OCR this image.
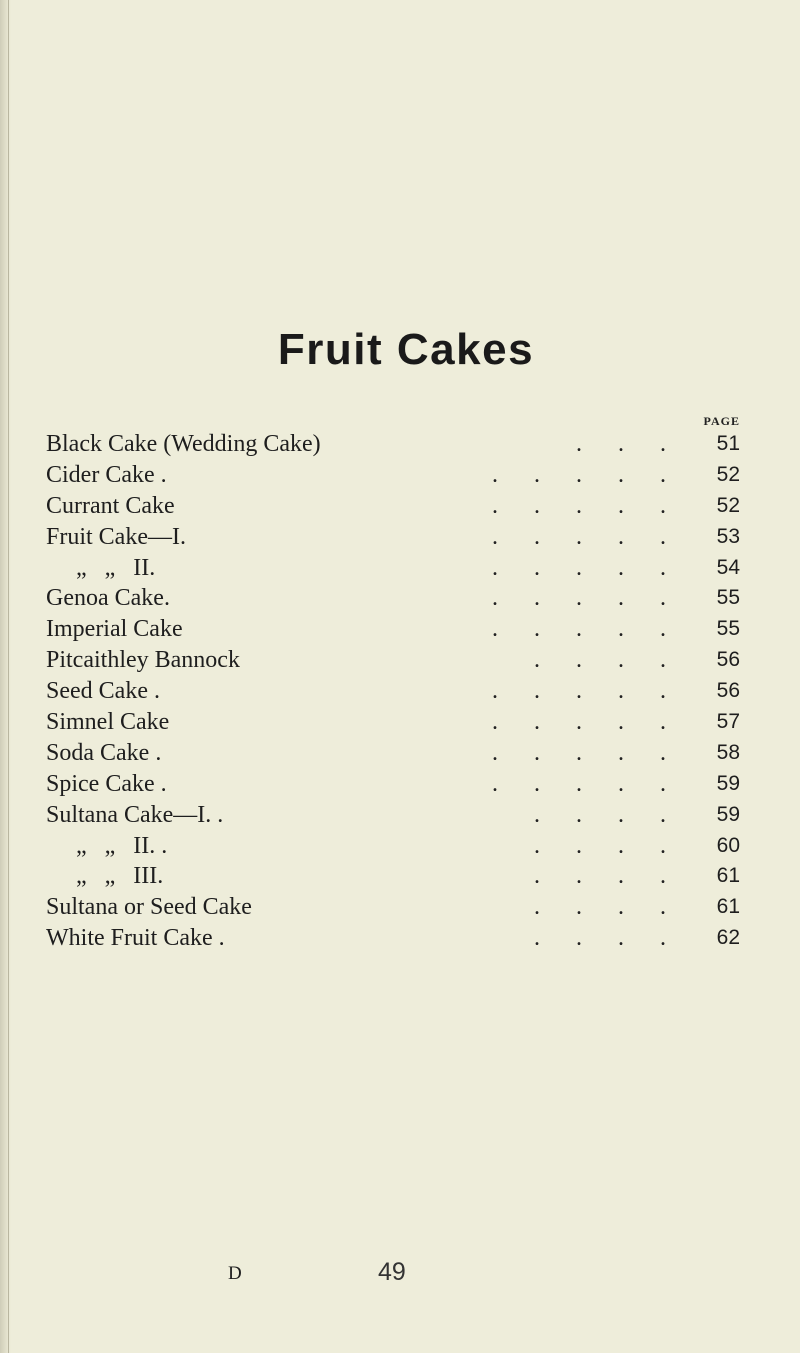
Fruit Cakes
PAGE
Black Cake (Wedding Cake)	.      .      . 51
Cider Cake .	.      .      .      .      . 52
Currant Cake	.      .      .      .      . 52
Fruit Cake—I.	.      .      .      .      . 53
„   „   II.	.      .      .      .      . 54
Genoa Cake.	.      .      .      .      . 55
Imperial Cake	.      .      .      .      . 55
Pitcaithley Bannock	.      .      .      . 56
Seed Cake .	.      .      .      .      . 56
Simnel Cake	.      .      .      .      . 57
Soda Cake .	.      .      .      .      . 58
Spice Cake .	.      .      .      .      . 59
Sultana Cake—I. .	.      .      .      . 59
„   „   II. .	.      .      .      . 60
„   „   III.	.      .      .      . 61
Sultana or Seed Cake	.      .      .      . 61
White Fruit Cake .	.      .      .      . 62
D	49
